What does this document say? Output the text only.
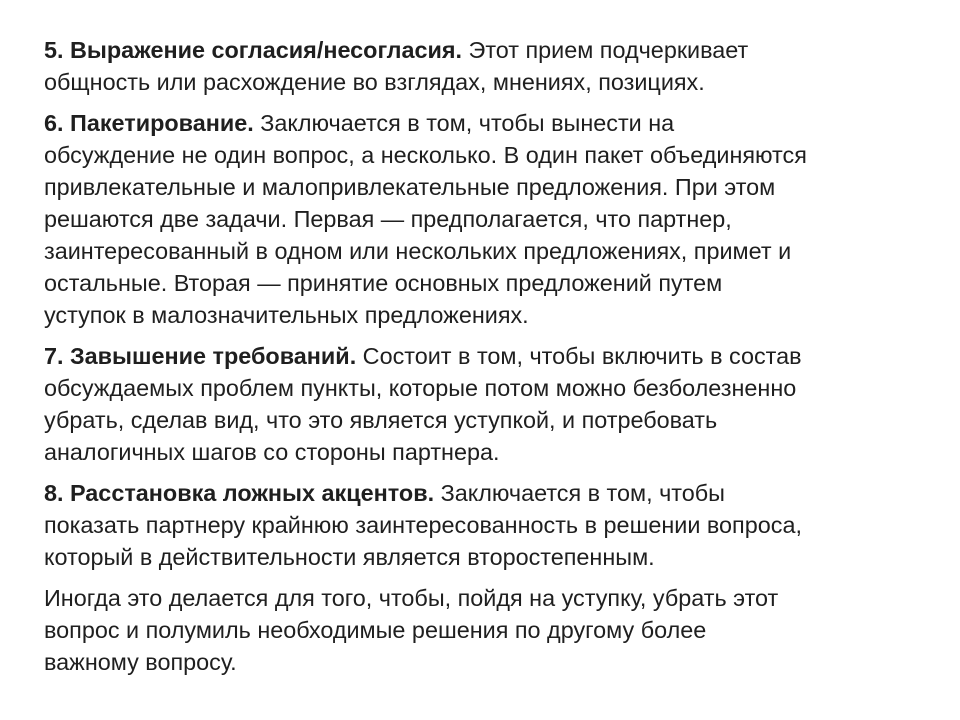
5. Выражение согласия/несогласия. Этот прием подчеркивает
общность или расхождение во взглядах, мнениях, позициях.

6. Пакетирование. Заключается в том, чтобы вынести на
обсуждение не один вопрос, а несколько. В один пакет объединяются
привлекательные и малопривлекательные предложения. При этом
решаются две задачи. Первая — предполагается, что партнер,
заинтересованный в одном или нескольких предложениях, примет и
остальные. Вторая — принятие основных предложений путем
уступок в малозначительных предложениях.

7. Завышение требований. Состоит в том, чтобы включить в состав
обсуждаемых проблем пункты, которые потом можно безболезненно
убрать, сделав вид, что это является уступкой, и потребовать
аналогичных шагов со стороны партнера.

8. Расстановка ложных акцентов. Заключается в том, чтобы
показать партнеру крайнюю заинтересованность в решении вопроса,
который в действительности является второстепенным.

Иногда это делается для того, чтобы, пойдя на уступку, убрать этот
вопрос и полумиль необходимые решения по другому более
важному вопросу.
